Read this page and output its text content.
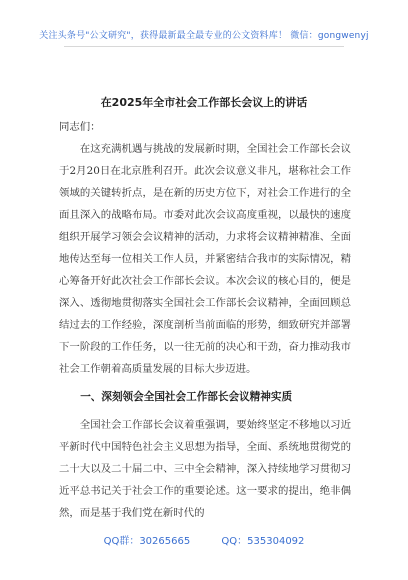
关注头条号"公文研究"，获得最新最全最专业的公文资料库！ 微信：gongwenyj
在2025年全市社会工作部长会议上的讲话
同志们：
在这充满机遇与挑战的发展新时期，全国社会工作部长会议于2月20日在北京胜利召开。此次会议意义非凡，堪称社会工作领域的关键转折点，是在新的历史方位下，对社会工作进行的全面且深入的战略布局。市委对此次会议高度重视，以最快的速度组织开展学习领会会议精神的活动，力求将会议精神精准、全面地传达至每一位相关工作人员，并紧密结合我市的实际情况，精心筹备开好此次社会工作部长会议。本次会议的核心目的，便是深入、透彻地贯彻落实全国社会工作部长会议精神，全面回顾总结过去的工作经验，深度剖析当前面临的形势，细致研究并部署下一阶段的工作任务，以一往无前的决心和干劲，奋力推动我市社会工作朝着高质量发展的目标大步迈进。
一、深刻领会全国社会工作部长会议精神实质
全国社会工作部长会议着重强调，要始终坚定不移地以习近平新时代中国特色社会主义思想为指导，全面、系统地贯彻党的二十大以及二十届二中、三中全会精神，深入持续地学习贯彻习近平总书记关于社会工作的重要论述。这一要求的提出，绝非偶然，而是基于我们党在新时代的
QQ群：30265665	QQ：535304092
